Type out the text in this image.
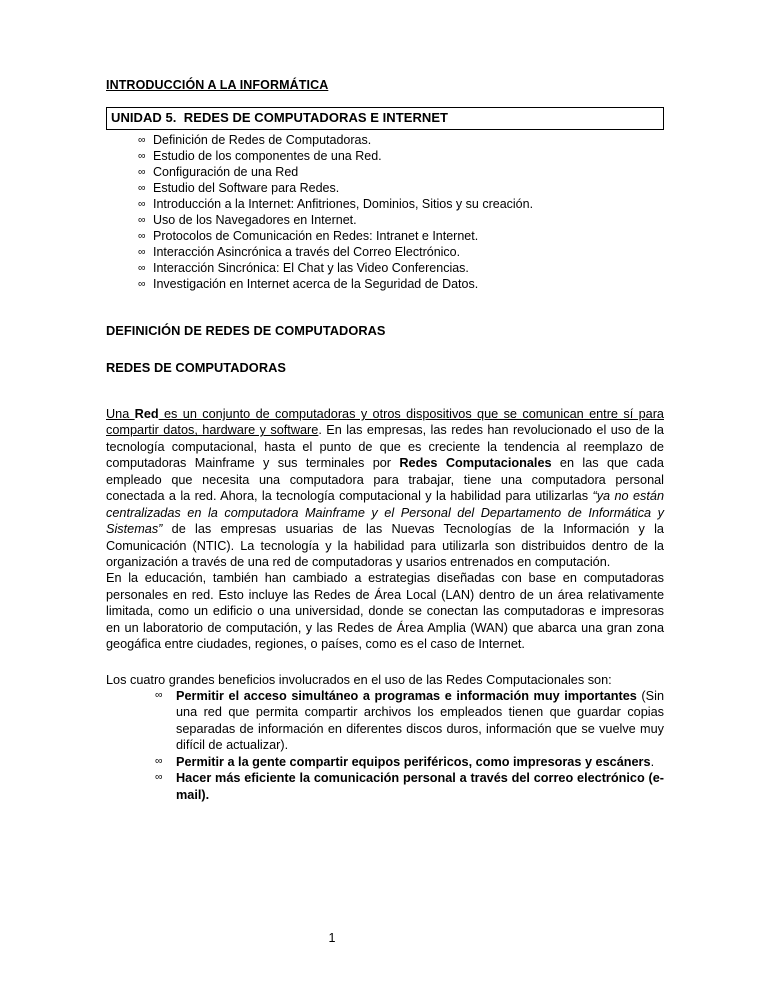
INTRODUCCIÓN A LA INFORMÁTICA
UNIDAD 5.  REDES DE COMPUTADORAS E INTERNET
∞ Definición de Redes de Computadoras.
∞ Estudio de los componentes de una Red.
∞ Configuración de una Red
∞ Estudio del Software para Redes.
∞ Introducción a la Internet: Anfitriones, Dominios, Sitios y su creación.
∞ Uso de los Navegadores en Internet.
∞ Protocolos de Comunicación en Redes: Intranet e Internet.
∞ Interacción Asincrónica a través del Correo Electrónico.
∞ Interacción Sincrónica: El Chat y las Video Conferencias.
∞ Investigación en Internet acerca de la Seguridad de Datos.
DEFINICIÓN DE REDES DE COMPUTADORAS
REDES DE COMPUTADORAS

Una Red es un conjunto de computadoras y otros dispositivos que se comunican entre sí para compartir datos, hardware y software. En las empresas, las redes han revolucionado el uso de la tecnología computacional, hasta el punto de que es creciente la tendencia al reemplazo de computadoras Mainframe y sus terminales por Redes Computacionales en las que cada empleado que necesita una computadora para trabajar, tiene una computadora personal conectada a la red. Ahora, la tecnología computacional y la habilidad para utilizarlas “ya no están centralizadas en la computadora Mainframe y el Personal del Departamento de Informática y Sistemas” de las empresas usuarias de las Nuevas Tecnologías de la Información y la Comunicación (NTIC). La tecnología y la habilidad para utilizarla son distribuidos dentro de la organización a través de una red de computadoras y usarios entrenados en computación.

En la educación, también han cambiado a estrategias diseñadas con base en computadoras personales en red. Esto incluye las Redes de Área Local (LAN) dentro de un área relativamente limitada, como un edificio o una universidad, donde se conectan las computadoras e impresoras en un laboratorio de computación, y las Redes de Área Amplia (WAN) que abarca una gran zona geogáfica entre ciudades, regiones, o países, como es el caso de Internet.

Los cuatro grandes beneficios involucrados en el uso de las Redes Computacionales son:

∞ Permitir el acceso simultáneo a programas e información muy importantes (Sin una red que permita compartir archivos los empleados tienen que guardar copias separadas de información en diferentes discos duros, información que se vuelve muy difícil de actualizar).
∞ Permitir a la gente compartir equipos periféricos, como impresoras y escáners.
∞ Hacer más eficiente la comunicación personal a través del correo electrónico (e-mail).
1
